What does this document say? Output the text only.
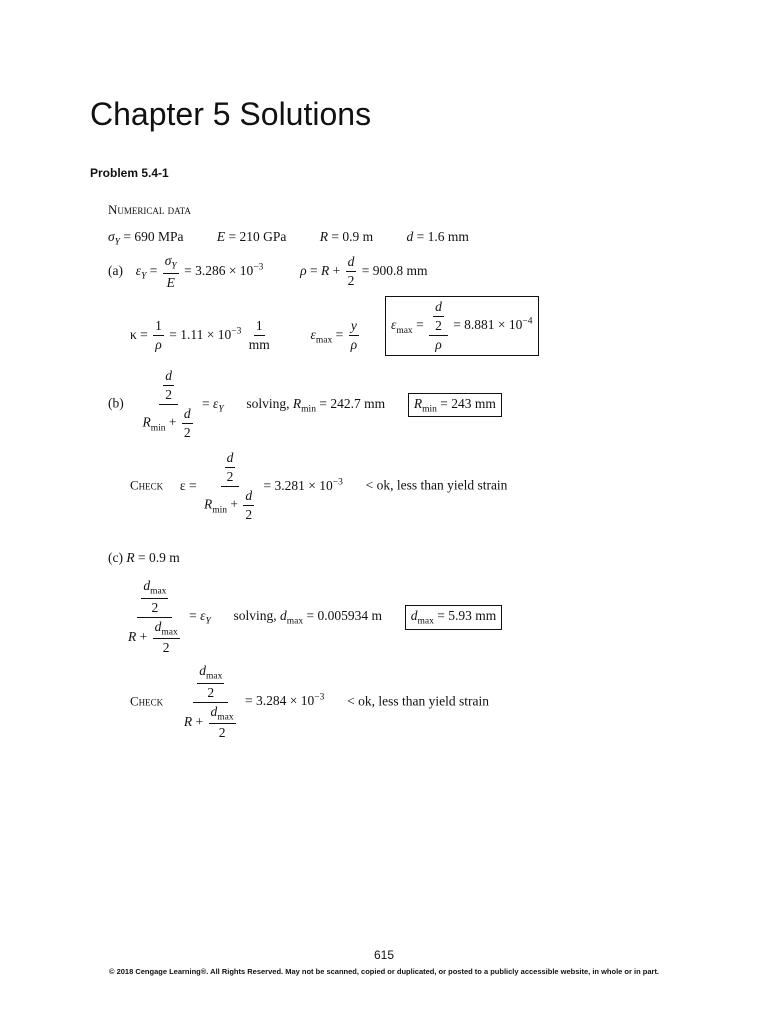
Chapter 5 Solutions
Problem 5.4-1
Numerical data
$\sigma_Y = 690$ MPa E = 210 GPa R = 0.9 m d = 1.6 mm
(a) $\varepsilon_Y = \frac{\sigma_Y}{E} = 3.286 \times 10^{-3}$	$\rho = R + \frac{d}{2} = 900.8$ mm
$\kappa = \frac{1}{\rho} = 1.11 \times 10^{-3} \frac{1}{mm}$	$\varepsilon_{max} = \frac{y}{\rho}$	$\varepsilon_{max} = \frac{\frac{d}{2}}{\rho} = 8.881 \times 10^{-4}$
$(b) \frac{\frac{d}{2}}{R_{min} + \frac{d}{2}} = \varepsilon_Y$ solving, $R_{min} = 242.7$ mm $R_{min} = 243$ mm
Check $\varepsilon = \frac{\frac{d}{2}}{R_{min} + \frac{d}{2}} = 3.281 \times 10^{-3}$ < ok, less than yield strain
(c) R = 0.9 m
$\frac{\frac{d_{max}}{2}}{R + \frac{d_{max}}{2}} = \varepsilon_Y$ solving, $d_{max} = 0.005934$ m $d_{max} = 5.93$ mm
Check $\frac{\frac{d_{max}}{2}}{R + \frac{d_{max}}{2}} = 3.284 \times 10^{-3}$ < ok, less than yield strain
615
© 2018 Cengage Learning®. All Rights Reserved. May not be scanned, copied or duplicated, or posted to a publicly accessible website, in whole or in part.
